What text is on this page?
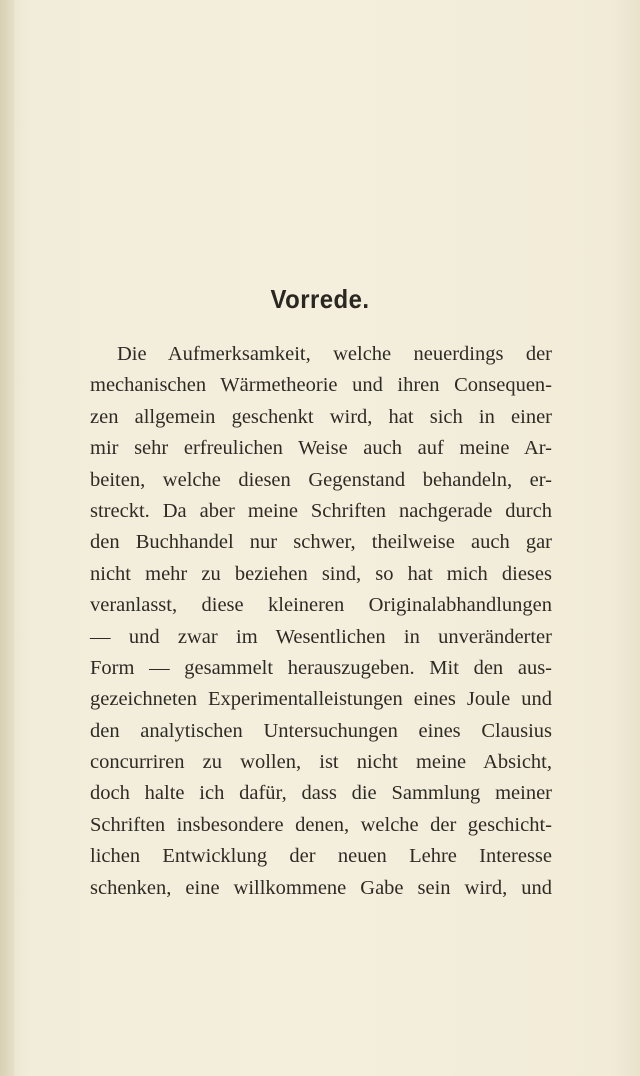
Vorrede.
Die Aufmerksamkeit, welche neuerdings der
mechanischen Wärmetheorie und ihren Consequen-
zen allgemein geschenkt wird, hat sich in einer
mir sehr erfreulichen Weise auch auf meine Ar-
beiten, welche diesen Gegenstand behandeln, er-
streckt. Da aber meine Schriften nachgerade durch
den Buchhandel nur schwer, theilweise auch gar
nicht mehr zu beziehen sind, so hat mich dieses
veranlasst, diese kleineren Originalabhandlungen
— und zwar im Wesentlichen in unveränderter
Form — gesammelt herauszugeben. Mit den aus-
gezeichneten Experimentalleistungen eines Joule und
den analytischen Untersuchungen eines Clausius
concurriren zu wollen, ist nicht meine Absicht,
doch halte ich dafür, dass die Sammlung meiner
Schriften insbesondere denen, welche der geschicht-
lichen Entwicklung der neuen Lehre Interesse
schenken, eine willkommene Gabe sein wird, und
